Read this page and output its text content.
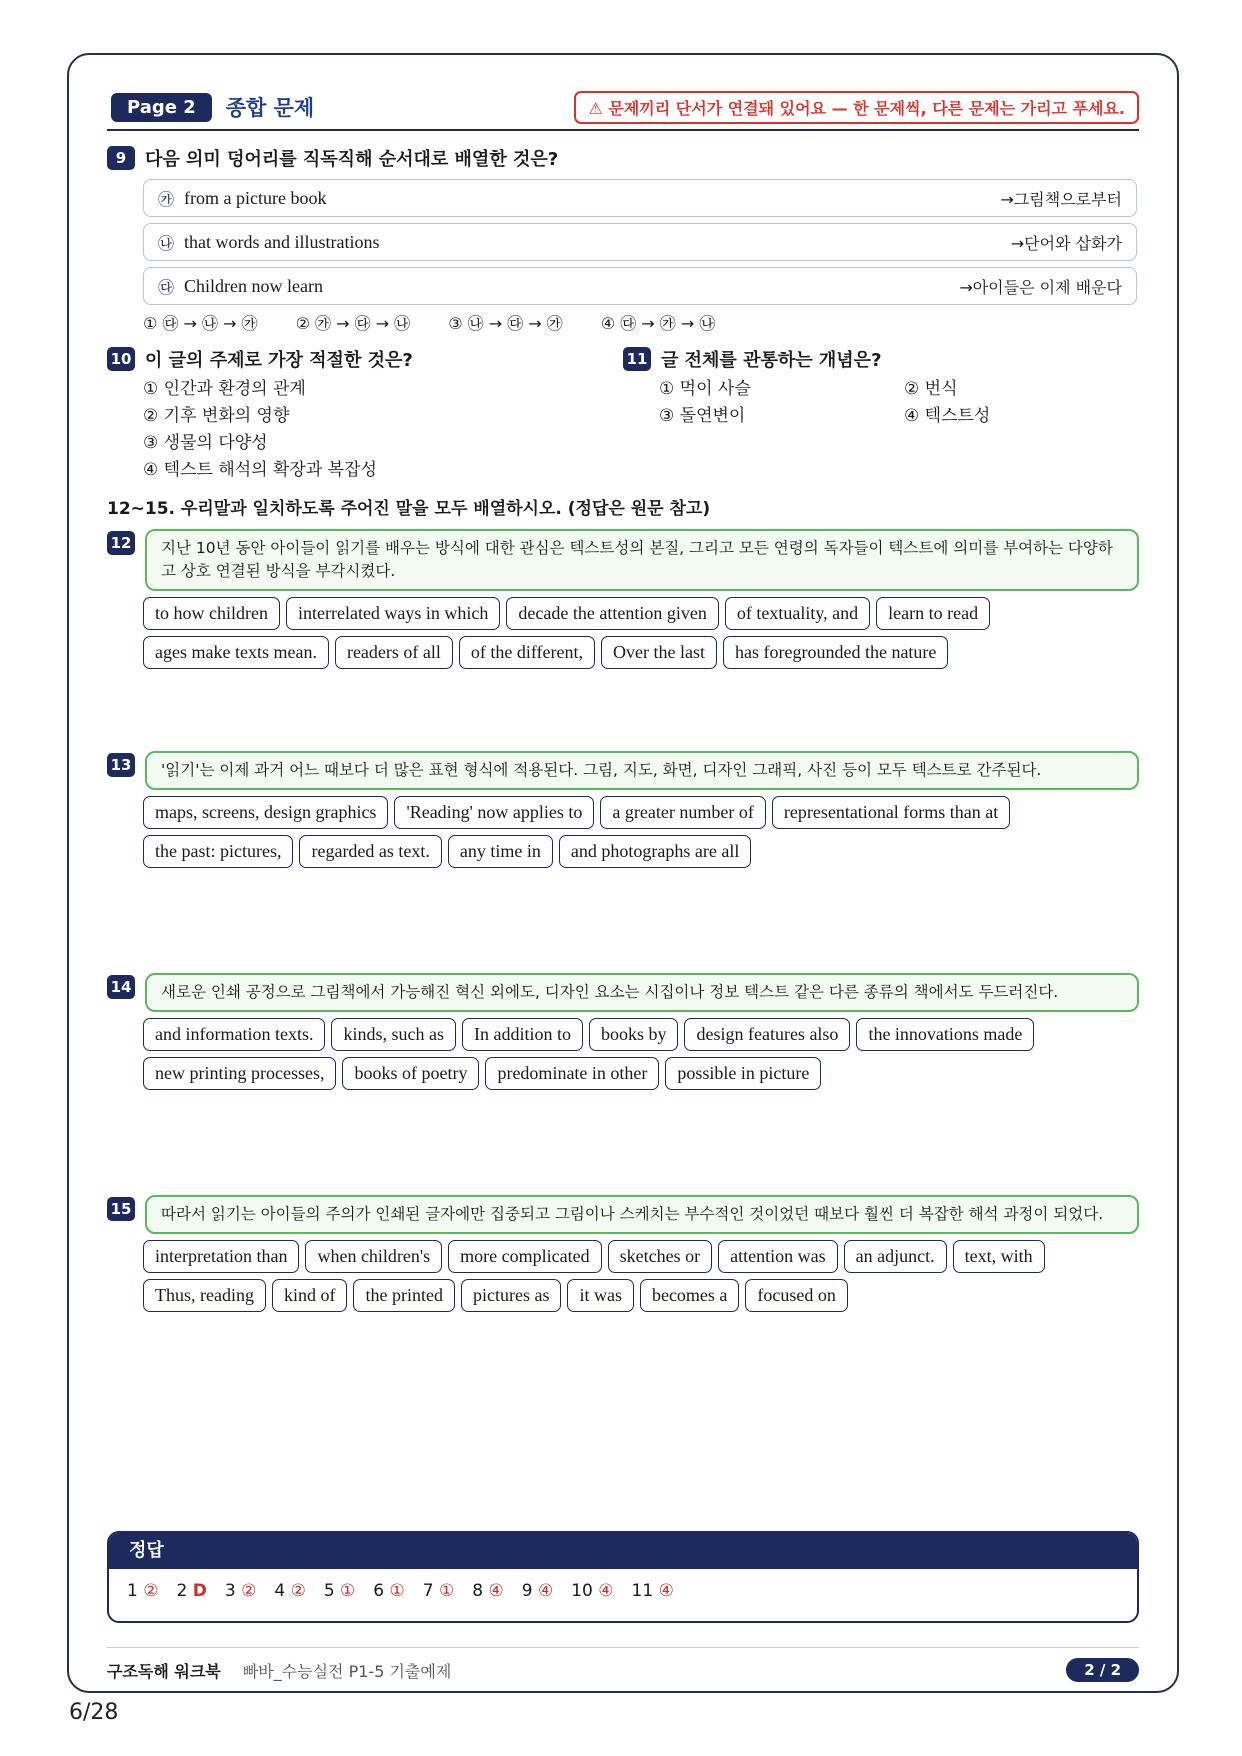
Page 2	종합 문제	⚠ 문제끼리 단서가 연결돼 있어요 — 한 문제씩, 다른 문제는 가리고 푸세요.
9	다음 의미 덩어리를 직독직해 순서대로 배열한 것은?
㉮ from a picture book	→그림책으로부터
㉯ that words and illustrations	→단어와 삽화가
㉰ Children now learn	→아이들은 이제 배운다
① ㉰ → ㉯ → ㉮ ② ㉮ → ㉰ → ㉯ ③ ㉯ → ㉰ → ㉮ ④ ㉰ → ㉮ → ㉯
10 이 글의 주제로 가장 적절한 것은?
① 인간과 환경의 관계
② 기후 변화의 영향
③ 생물의 다양성
④ 텍스트 해석의 확장과 복잡성
11 글 전체를 관통하는 개념은?
① 먹이 사슬	② 번식
③ 돌연변이	④ 텍스트성
12~15. 우리말과 일치하도록 주어진 말을 모두 배열하시오. (정답은 원문 참고)
12	지난 10년 동안 아이들이 읽기를 배우는 방식에 대한 관심은 텍스트성의 본질, 그리고 모든 연령의 독자들이 텍스트에 의미를 부여하는 다양하고 상호 연결된 방식을 부각시켰다.
to how children	interrelated ways in which	decade the attention given	of textuality, and	learn to read
ages make texts mean.	readers of all	of the different,	Over the last	has foregrounded the nature
13	'읽기'는 이제 과거 어느 때보다 더 많은 표현 형식에 적용된다. 그림, 지도, 화면, 디자인 그래픽, 사진 등이 모두 텍스트로 간주된다.
maps, screens, design graphics	'Reading' now applies to	a greater number of	representational forms than at
the past: pictures,	regarded as text.	any time in	and photographs are all
14	새로운 인쇄 공정으로 그림책에서 가능해진 혁신 외에도, 디자인 요소는 시집이나 정보 텍스트 같은 다른 종류의 책에서도 두드러진다.
and information texts.	kinds, such as	In addition to	books by	design features also	the innovations made
new printing processes,	books of poetry	predominate in other	possible in picture
15	따라서 읽기는 아이들의 주의가 인쇄된 글자에만 집중되고 그림이나 스케치는 부수적인 것이었던 때보다 훨씬 더 복잡한 해석 과정이 되었다.
interpretation than	when children's	more complicated	sketches or	attention was	an adjunct.	text, with
Thus, reading	kind of	the printed	pictures as	it was	becomes a	focused on
정답
1 ② 2 D 3 ② 4 ② 5 ① 6 ① 7 ① 8 ④ 9 ④ 10 ④ 11 ④
구조독해 워크북 빠바_수능실전 P1-5 기출예제	2 / 2
6/28
